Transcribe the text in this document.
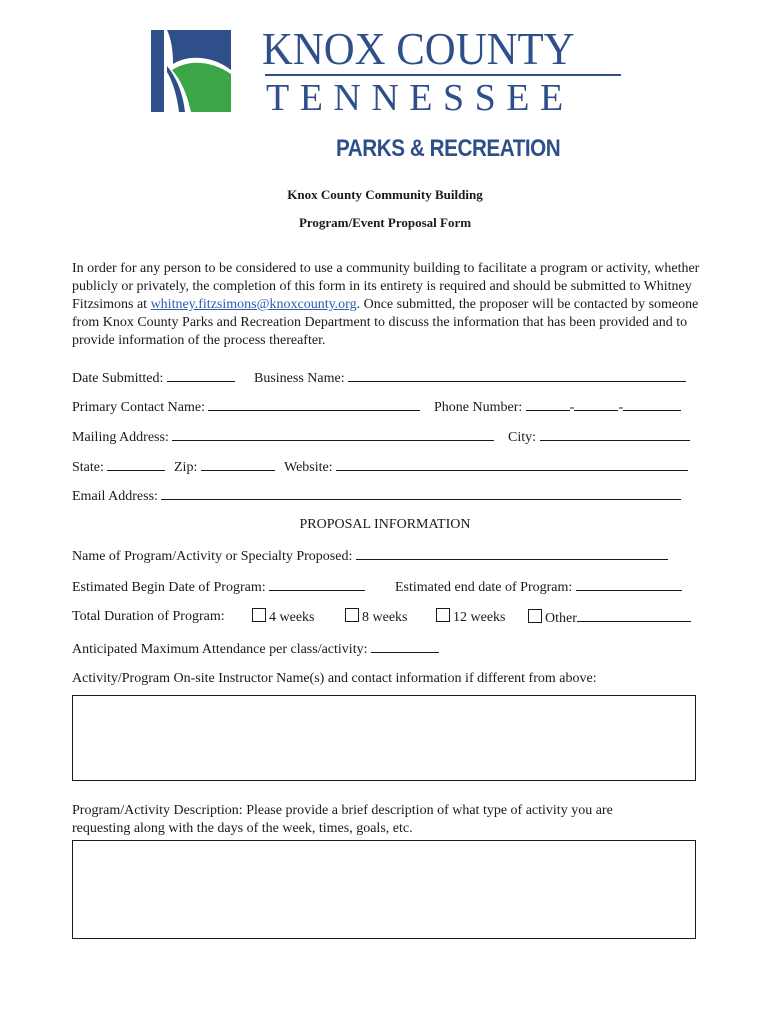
KNOX COUNTY
TENNESSEE
PARKS & RECREATION
Knox County Community Building
Program/Event Proposal Form
In order for any person to be considered to use a community building to facilitate a program or activity, whether publicly or privately, the completion of this form in its entirety is required and should be submitted to Whitney Fitzsimons at whitney.fitzsimons@knoxcounty.org. Once submitted, the proposer will be contacted by someone from Knox County Parks and Recreation Department to discuss the information that has been provided and to provide information of the process thereafter.
Date Submitted:	Business Name:
Primary Contact Name:	Phone Number:	-	-
Mailing Address:	City:
State:	Zip:	Website:
Email Address:
PROPOSAL INFORMATION
Name of Program/Activity or Specialty Proposed:
Estimated Begin Date of Program:	Estimated end date of Program:
Total Duration of Program:	4 weeks	8 weeks	12 weeks	Other
Anticipated Maximum Attendance per class/activity:
Activity/Program On-site Instructor Name(s) and contact information if different from above:
Program/Activity Description: Please provide a brief description of what type of activity you are
requesting along with the days of the week, times, goals, etc.
